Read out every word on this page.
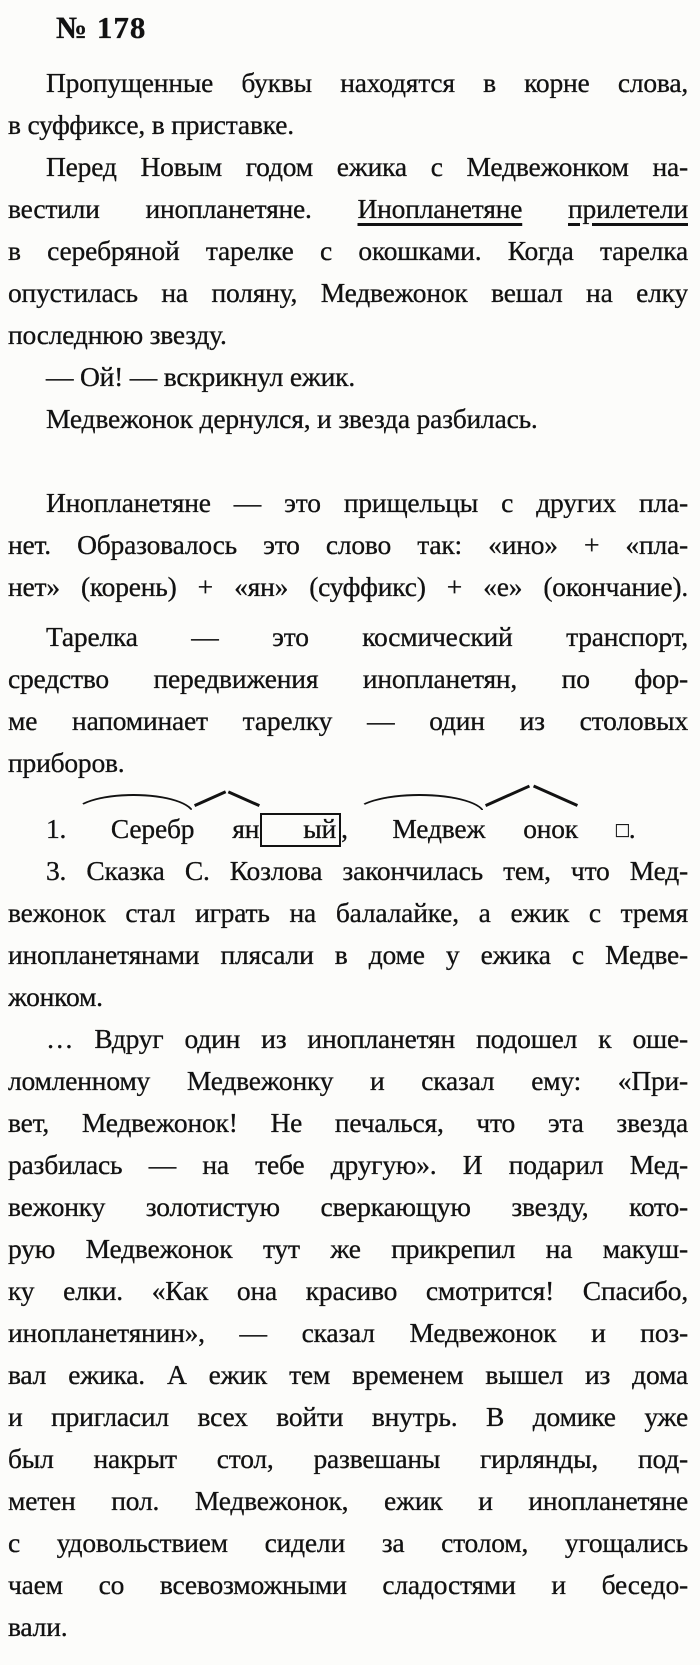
№ 178
Пропущенные буквы находятся в корне слова,
в суффиксе, в приставке.
Перед Новым годом ежика с Медвежонком на-
вестили инопланетяне. Инопланетяне прилетели
в серебряной тарелке с окошками. Когда тарелка
опустилась на поляну, Медвежонок вешал на елку
последнюю звезду.
— Ой! — вскрикнул ежик.
Медвежонок дернулся, и звезда разбилась.
Инопланетяне — это прищельцы с других пла-
нет. Образовалось это слово так: «ино» + «пла-
нет» (корень) + «ян» (суффикс) + «е» (окончание).
Тарелка — это космический транспорт,
средство передвижения инопланетян, по фор-
ме напоминает тарелку — один из столовых
приборов.
1. Серебр ян ый , Медвеж онок □.
3. Сказка С. Козлова закончилась тем, что Мед-
вежонок стал играть на балалайке, а ежик с тремя
инопланетянами плясали в доме у ежика с Медве-
жонком.
… Вдруг один из инопланетян подошел к оше-
ломленному Медвежонку и сказал ему: «При-
вет, Медвежонок! Не печалься, что эта звезда
разбилась — на тебе другую». И подарил Мед-
вежонку золотистую сверкающую звезду, кото-
рую Медвежонок тут же прикрепил на макуш-
ку елки. «Как она красиво смотрится! Спасибо,
инопланетянин», — сказал Медвежонок и поз-
вал ежика. А ежик тем временем вышел из дома
и пригласил всех войти внутрь. В домике уже
был накрыт стол, развешаны гирлянды, под-
метен пол. Медвежонок, ежик и инопланетяне
с удовольствием сидели за столом, угощались
чаем со всевозможными сладостями и беседо-
вали.
